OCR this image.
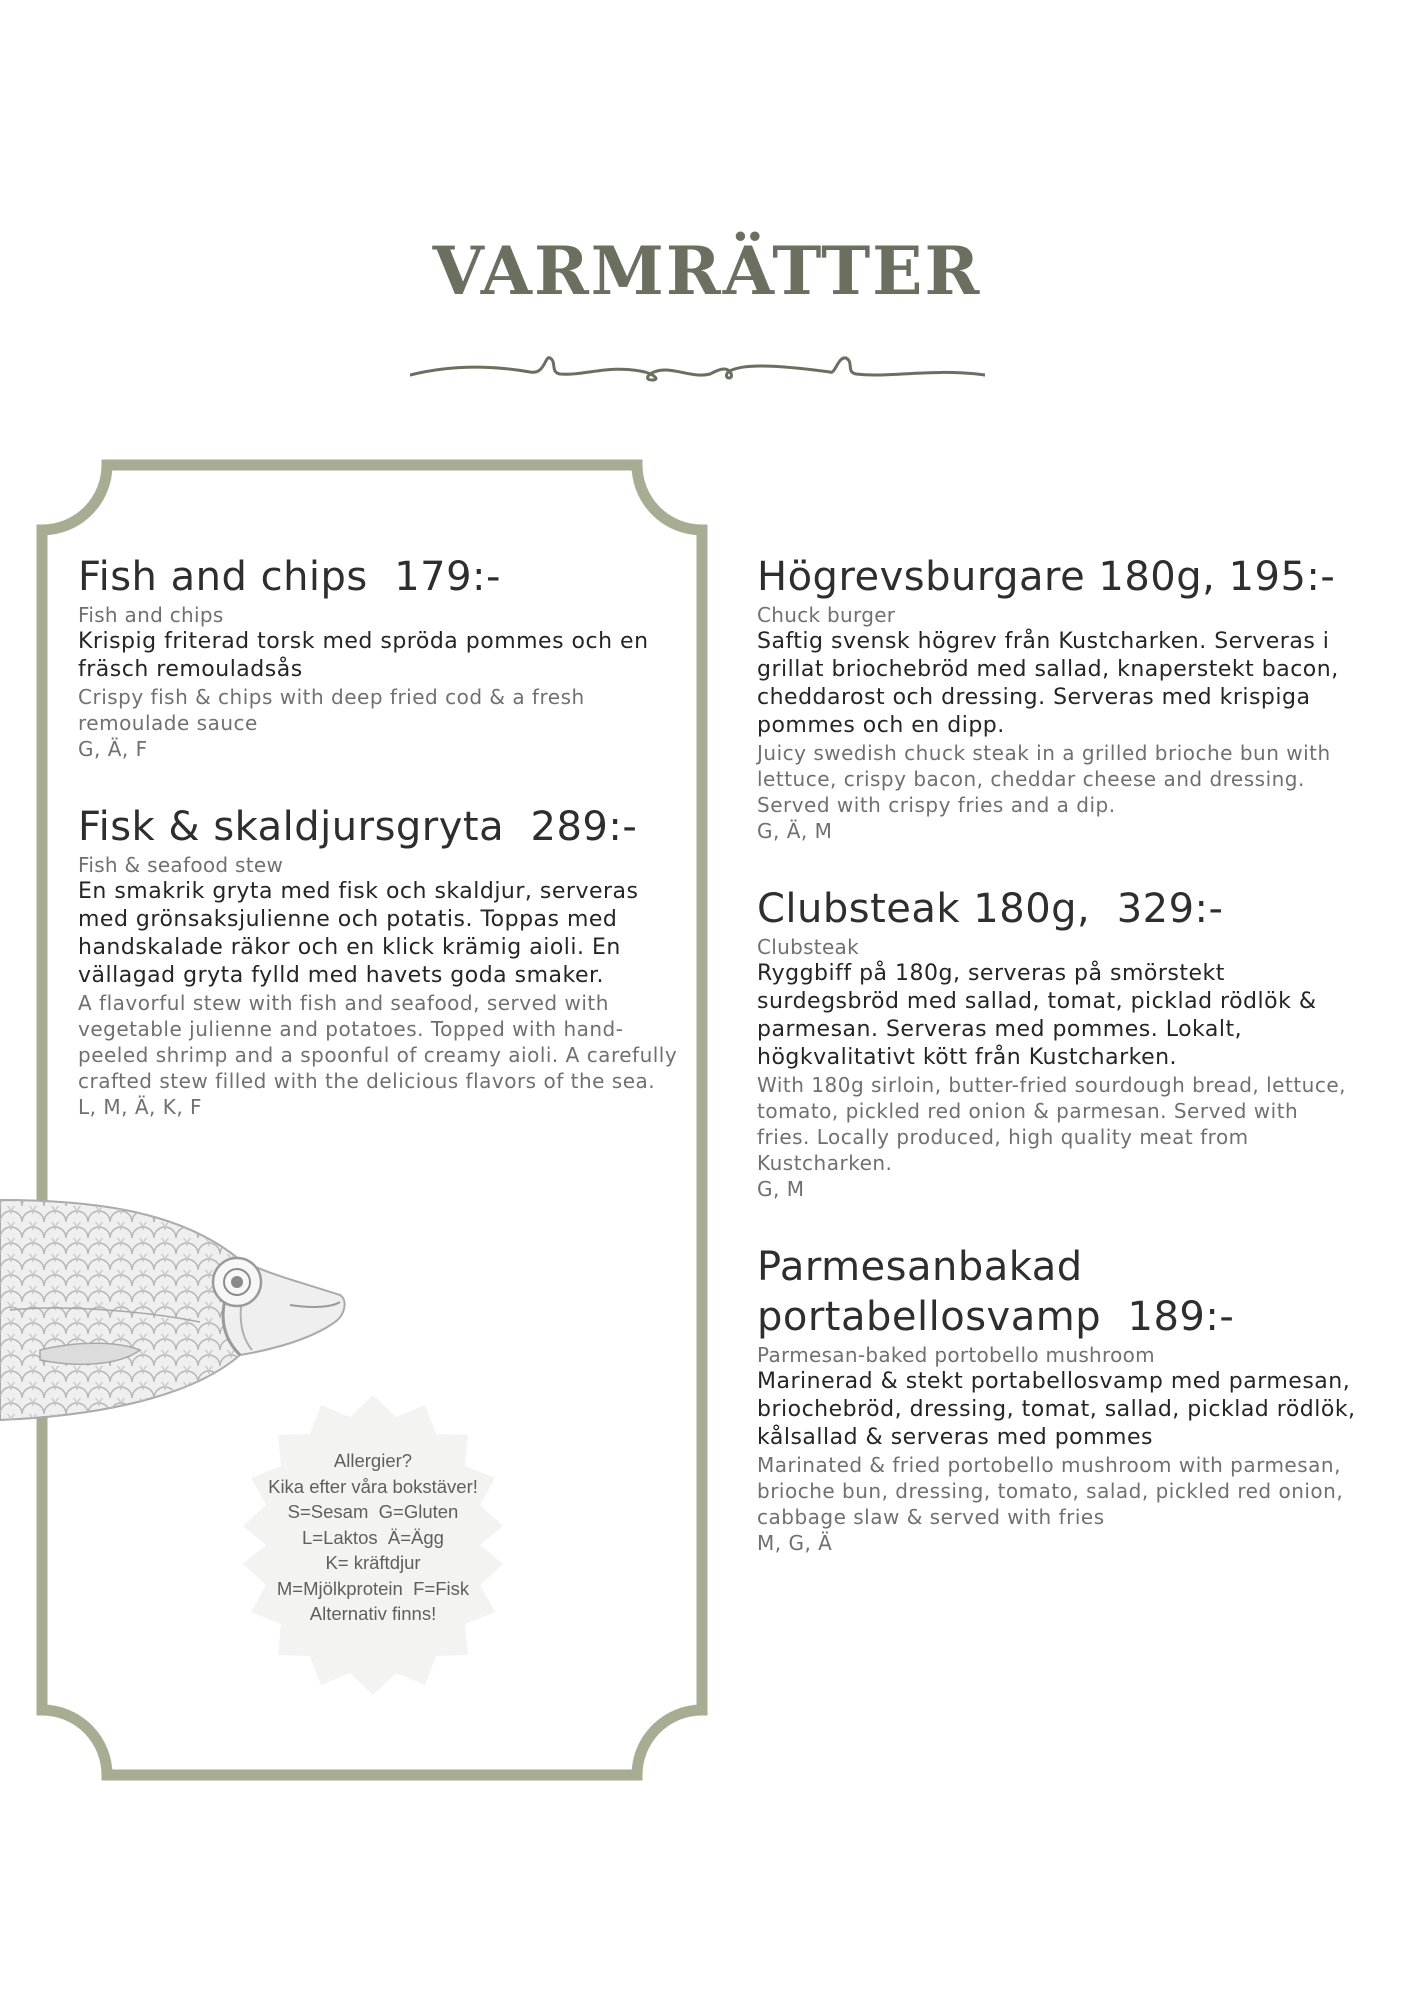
VARMRÄTTER
Allergier?
Kika efter våra bokstäver!
S=Sesam  G=Gluten
L=Laktos  Ä=Ägg
K= kräftdjur
M=Mjölkprotein  F=Fisk
Alternativ finns!
Fish and chips  179:-
Fish and chips
Krispig friterad torsk med spröda pommes och en fräsch remouladsås
Crispy fish & chips with deep fried cod & a fresh remoulade sauce
G, Ä, F
Fisk & skaldjursgryta  289:-
Fish & seafood stew
En smakrik gryta med fisk och skaldjur, serveras med grönsaksjulienne och potatis. Toppas med handskalade räkor och en klick krämig aioli. En vällagad gryta fylld med havets goda smaker.
A flavorful stew with fish and seafood, served with vegetable julienne and potatoes. Topped with hand-peeled shrimp and a spoonful of creamy aioli. A carefully crafted stew filled with the delicious flavors of the sea.
L, M, Ä, K, F
Högrevsburgare 180g, 195:-
Chuck burger
Saftig svensk högrev från Kustcharken. Serveras i grillat briochebröd med sallad, knaperstekt bacon, cheddarost och dressing. Serveras med krispiga pommes och en dipp.
Juicy swedish chuck steak in a grilled brioche bun with lettuce, crispy bacon, cheddar cheese and dressing. Served with crispy fries and a dip.
G, Ä, M
Clubsteak 180g,  329:-
Clubsteak
Ryggbiff på 180g, serveras på smörstekt surdegsbröd med sallad, tomat, picklad rödlök & parmesan. Serveras med pommes. Lokalt, högkvalitativt kött från Kustcharken.
With 180g sirloin, butter-fried sourdough bread, lettuce, tomato, pickled red onion & parmesan. Served with fries. Locally produced, high quality meat from Kustcharken.
G, M
Parmesanbakad
portabellosvamp  189:-
Parmesan-baked portobello mushroom
Marinerad & stekt portabellosvamp med parmesan, briochebröd, dressing, tomat, sallad, picklad rödlök, kålsallad & serveras med pommes
Marinated & fried portobello mushroom with parmesan, brioche bun, dressing, tomato, salad, pickled red onion, cabbage slaw & served with fries
M, G, Ä
